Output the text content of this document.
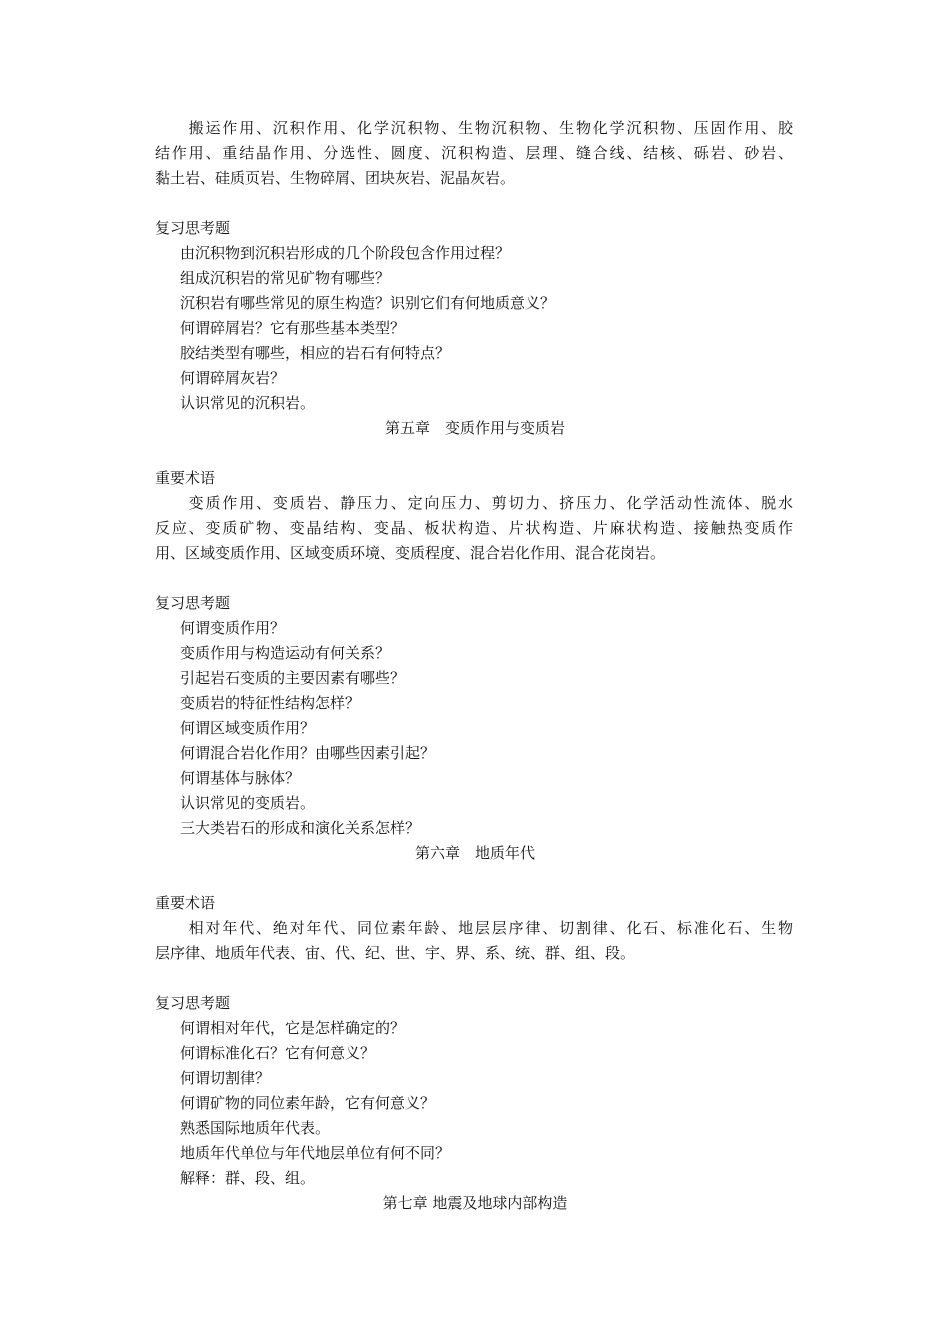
　　搬运作用、沉积作用、化学沉积物、生物沉积物、生物化学沉积物、压固作用、胶
结作用、重结晶作用、分选性、圆度、沉积构造、层理、缝合线、结核、砾岩、砂岩、
黏土岩、硅质页岩、生物碎屑、团块灰岩、泥晶灰岩。
复习思考题
由沉积物到沉积岩形成的几个阶段包含作用过程？
组成沉积岩的常见矿物有哪些？
沉积岩有哪些常见的原生构造？识别它们有何地质意义？
何谓碎屑岩？它有那些基本类型？
胶结类型有哪些，相应的岩石有何特点？
何谓碎屑灰岩？
认识常见的沉积岩。
第五章　变质作用与变质岩
重要术语
　　变质作用、变质岩、静压力、定向压力、剪切力、挤压力、化学活动性流体、脱水
反应、变质矿物、变晶结构、变晶、板状构造、片状构造、片麻状构造、接触热变质作
用、区域变质作用、区域变质环境、变质程度、混合岩化作用、混合花岗岩。
复习思考题
何谓变质作用？
变质作用与构造运动有何关系？
引起岩石变质的主要因素有哪些？
变质岩的特征性结构怎样？
何谓区域变质作用？
何谓混合岩化作用？由哪些因素引起？
何谓基体与脉体？
认识常见的变质岩。
三大类岩石的形成和演化关系怎样？
第六章　地质年代
重要术语
　　相对年代、绝对年代、同位素年龄、地层层序律、切割律、化石、标准化石、生物
层序律、地质年代表、宙、代、纪、世、宇、界、系、统、群、组、段。
复习思考题
何谓相对年代，它是怎样确定的？
何谓标准化石？它有何意义？
何谓切割律？
何谓矿物的同位素年龄，它有何意义？
熟悉国际地质年代表。
地质年代单位与年代地层单位有何不同？
解释：群、段、组。
第七章 地震及地球内部构造
